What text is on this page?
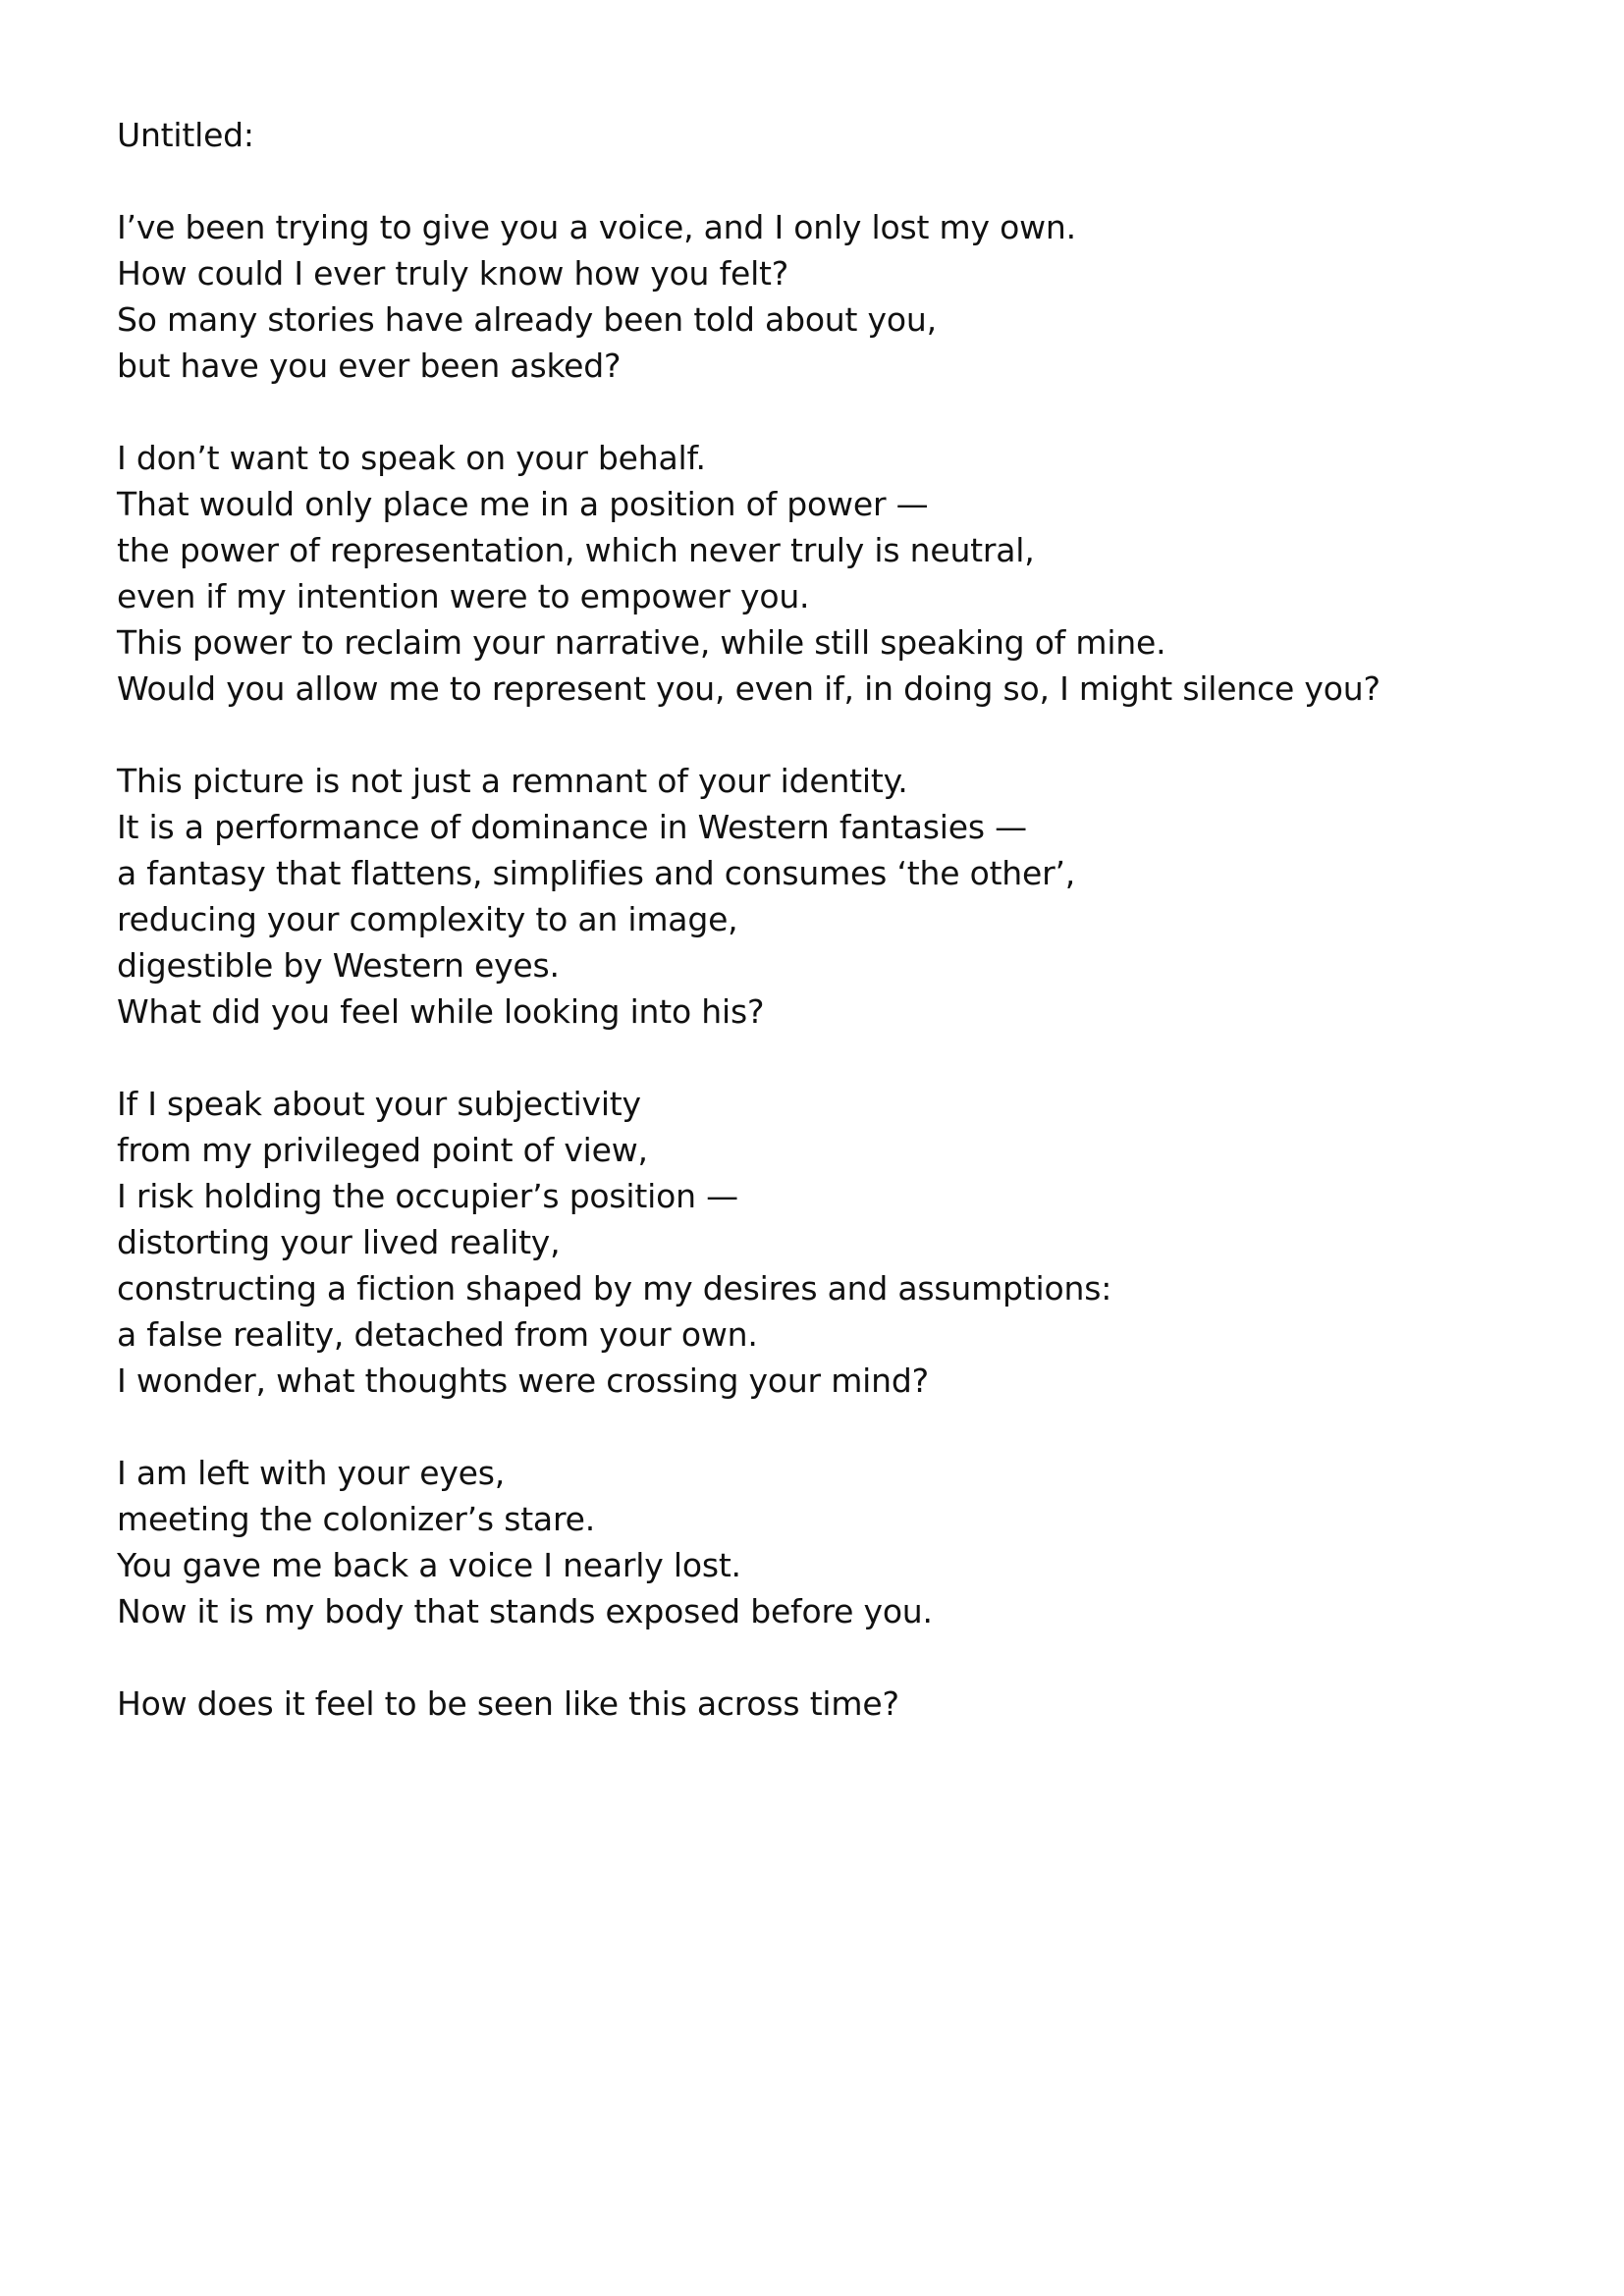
Untitled:
I’ve been trying to give you a voice, and I only lost my own.
How could I ever truly know how you felt?
So many stories have already been told about you,
but have you ever been asked?
I don’t want to speak on your behalf.
That would only place me in a position of power —
the power of representation, which never truly is neutral,
even if my intention were to empower you.
This power to reclaim your narrative, while still speaking of mine.
Would you allow me to represent you, even if, in doing so, I might silence you?
This picture is not just a remnant of your identity.
It is a performance of dominance in Western fantasies —
a fantasy that flattens, simplifies and consumes ‘the other’,
reducing your complexity to an image,
digestible by Western eyes.
What did you feel while looking into his?
If I speak about your subjectivity
from my privileged point of view,
I risk holding the occupier’s position —
distorting your lived reality,
constructing a fiction shaped by my desires and assumptions:
a false reality, detached from your own.
I wonder, what thoughts were crossing your mind?
I am left with your eyes,
meeting the colonizer’s stare.
You gave me back a voice I nearly lost.
Now it is my body that stands exposed before you.
How does it feel to be seen like this across time?
